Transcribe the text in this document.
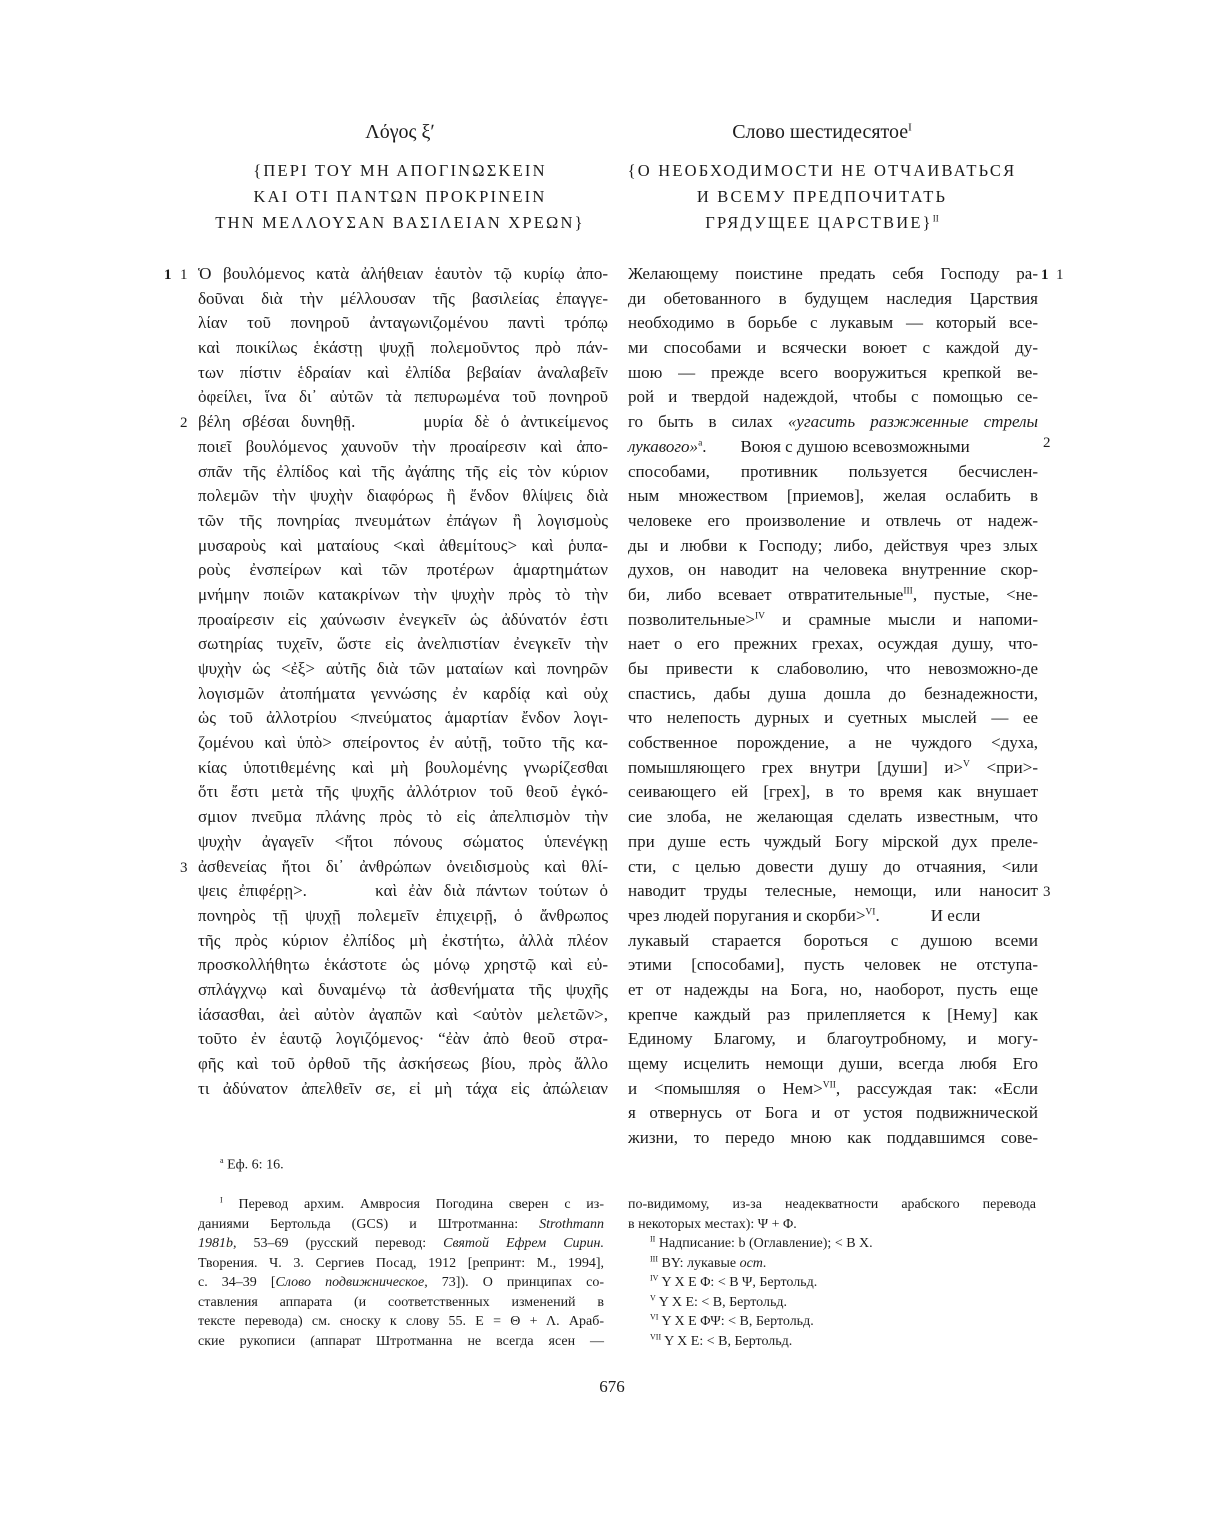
Λόγος ξʹ
{ΠΕΡΙ ΤΟΥ ΜΗ ΑΠΟΓΙΝΩΣΚΕΙΝ
ΚΑΙ ΟΤΙ ΠΑΝΤΩΝ ΠΡΟΚΡΙΝΕΙΝ
ΤΗΝ ΜΕΛΛΟΥΣΑΝ ΒΑΣΙΛΕΙΑΝ ΧΡΕΩΝ}
Слово шестидесятое$^I$
{О НЕОБХОДИМОСТИ НЕ ОТЧАИВАТЬСЯ
И ВСЕМУ ПРЕДПОЧИТАТЬ
ГРЯДУЩЕЕ ЦАРСТВИЕ}$^{II}$
1 1
2
3
Ὁ βουλόμενος κατὰ ἀλήθειαν ἑαυτὸν τῷ κυρίῳ ἀπο-
δοῦναι διὰ τὴν μέλλουσαν τῆς βασιλείας ἐπαγγε-
λίαν τοῦ πονηροῦ ἀνταγωνιζομένου παντὶ τρόπῳ
καὶ ποικίλως ἑκάστῃ ψυχῇ πολεμοῦντος πρὸ πάν-
των πίστιν ἑδραίαν καὶ ἐλπίδα βεβαίαν ἀναλαβεῖν
ὀφείλει, ἵνα δι᾽ αὐτῶν τὰ πεπυρωμένα τοῦ πονηροῦ
βέλη σβέσαι δυνηθῇ.      μυρία δὲ ὁ ἀντικείμενος
ποιεῖ βουλόμενος χαυνοῦν τὴν προαίρεσιν καὶ ἀπο-
σπᾶν τῆς ἐλπίδος καὶ τῆς ἀγάπης τῆς εἰς τὸν κύριον
πολεμῶν τὴν ψυχὴν διαφόρως ἢ ἔνδον θλίψεις διὰ
τῶν τῆς πονηρίας πνευμάτων ἐπάγων ἢ λογισμοὺς
μυσαροὺς καὶ ματαίους <καὶ ἀθεμίτους> καὶ ῥυπα-
ροὺς ἐνσπείρων καὶ τῶν προτέρων ἁμαρτημάτων
μνήμην ποιῶν κατακρίνων τὴν ψυχὴν πρὸς τὸ τὴν
προαίρεσιν εἰς χαύνωσιν ἐνεγκεῖν ὡς ἀδύνατόν ἐστι
σωτηρίας τυχεῖν, ὥστε εἰς ἀνελπιστίαν ἐνεγκεῖν τὴν
ψυχὴν ὡς <ἐξ> αὐτῆς διὰ τῶν ματαίων καὶ πονηρῶν
λογισμῶν ἀτοπήματα γεννώσης ἐν καρδίᾳ καὶ οὐχ
ὡς τοῦ ἀλλοτρίου <πνεύματος ἁμαρτίαν ἔνδον λογι-
ζομένου καὶ ὑπὸ> σπείροντος ἐν αὐτῇ, τοῦτο τῆς κα-
κίας ὑποτιθεμένης καὶ μὴ βουλομένης γνωρίζεσθαι
ὅτι ἔστι μετὰ τῆς ψυχῆς ἀλλότριον τοῦ θεοῦ ἐγκό-
σμιον πνεῦμα πλάνης πρὸς τὸ εἰς ἀπελπισμὸν τὴν
ψυχὴν ἀγαγεῖν <ἤτοι πόνους σώματος ὑπενέγκῃ
ἀσθενείας ἤτοι δι᾽ ἀνθρώπων ὀνειδισμοὺς καὶ θλί-
ψεις ἐπιφέρῃ>.      καὶ ἐὰν διὰ πάντων τούτων ὁ
πονηρὸς τῇ ψυχῇ πολεμεῖν ἐπιχειρῇ, ὁ ἄνθρωπος
τῆς πρὸς κύριον ἐλπίδος μὴ ἐκστήτω, ἀλλὰ πλέον
προσκολλήθητω ἑκάστοτε ὡς μόνῳ χρηστῷ καὶ εὐ-
σπλάγχνῳ καὶ δυναμένῳ τὰ ἀσθενήματα τῆς ψυχῆς
ἰάσασθαι, ἀεὶ αὐτὸν ἀγαπῶν καὶ <αὐτὸν μελετῶν>,
τοῦτο ἐν ἑαυτῷ λογιζόμενος· “ἐὰν ἀπὸ θεοῦ στρα-
φῆς καὶ τοῦ ὀρθοῦ τῆς ἀσκήσεως βίου, πρὸς ἄλλο
τι ἀδύνατον ἀπελθεῖν σε, εἰ μὴ τάχα εἰς ἀπώλειαν
1 1
2
3
Желающему поистине предать себя Господу ра-
ди обетованного в будущем наследия Царствия
необходимо в борьбе с лукавым — который все-
ми способами и всячески воюет с каждой ду-
шою — прежде всего вооружиться крепкой ве-
рой и твердой надеждой, чтобы с помощью се-
го быть в силах «угасить разжженные стрелы
лукавого»$^a$.        Воюя с душою всевозможными
способами, противник пользуется бесчислен-
ным множеством [приемов], желая ослабить в
человеке его произволение и отвлечь от надеж-
ды и любви к Господу; либо, действуя чрез злых
духов, он наводит на человека внутренние скор-
би, либо всевает отвратительные$^{III}$, пустые, <не-
позволительные>$^{IV}$ и срамные мысли и напоми-
нает о его прежних грехах, осуждая душу, что-
бы привести к слабоволию, что невозможно-де
спастись, дабы душа дошла до безнадежности,
что нелепость дурных и суетных мыслей — ее
собственное порождение, а не чуждого <духа,
помышляющего грех внутри [души] и>$^V$ <при>-
сеивающего ей [грех], в то время как внушает
сие злоба, не желающая сделать известным, что
при душе есть чуждый Богу мірской дух преле-
сти, с целью довести душу до отчаяния, <или
наводит труды телесные, немощи, или наносит
чрез людей поругания и скорби>$^{VI}$.            И если
лукавый старается бороться с душою всеми
этими [способами], пусть человек не отступа-
ет от надежды на Бога, но, наоборот, пусть еще
крепче каждый раз прилепляется к [Нему] как
Единому Благому, и благоутробному, и могу-
щему исцелить немощи души, всегда любя Его
и <помышляя о Нем>$^{VII}$, рассуждая так: «Если
я отвернусь от Бога и от устоя подвижнической
жизни, то передо мною как поддавшимся сове-
$^a$ Еф. 6: 16.
$^I$ Перевод архим. Амвросия Погодина сверен с из-
даниями Бертольда (GCS) и Штротманна: Strothmann
1981b, 53–69 (русский перевод: Святой Ефрем Сирин.
Творения. Ч. 3. Сергиев Посад, 1912 [репринт: М., 1994],
с. 34–39 [Слово подвижническое, 73]). О принципах со-
ставления аппарата (и соответственных изменений в
тексте перевода) см. сноску к слову 55. E = Θ + Λ. Араб-
ские рукописи (аппарат Штротманна не всегда ясен —
по-видимому, из-за неадекватности арабского перевода
в некоторых местах): Ψ + Φ.
$^{II}$ Надписание: b (Оглавление); < B X.
$^{III}$ BY: лукавые ост.
$^{IV}$ Y X E Φ: < B Ψ, Бертольд.
$^V$ Y X E: < B, Бертольд.
$^{VI}$ Y X E ΦΨ: < B, Бертольд.
$^{VII}$ Y X E: < B, Бертольд.
676
